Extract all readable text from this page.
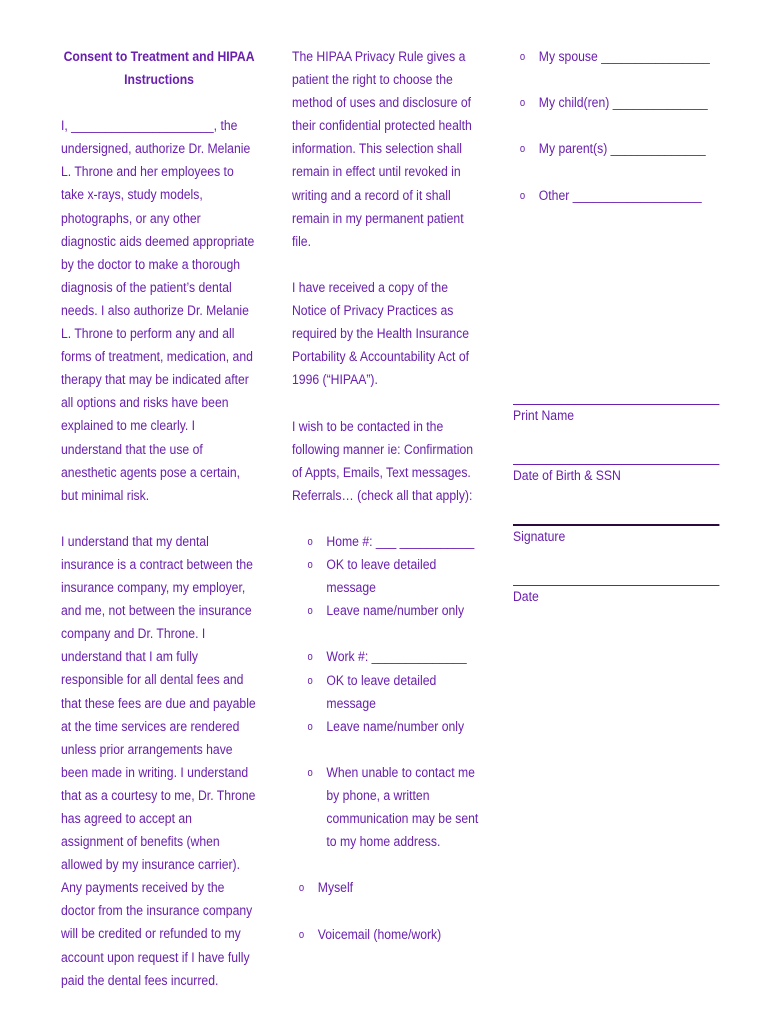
Consent to Treatment and HIPAA Instructions

I, _____________________, the undersigned, authorize Dr. Melanie L. Throne and her employees to take x-rays, study models, photographs, or any other diagnostic aids deemed appropriate by the doctor to make a thorough diagnosis of the patient’s dental needs. I also authorize Dr. Melanie L. Throne to perform any and all forms of treatment, medication, and therapy that may be indicated after all options and risks have been explained to me clearly. I understand that the use of anesthetic agents pose a certain, but minimal risk.

I understand that my dental insurance is a contract between the insurance company, my employer, and me, not between the insurance company and Dr. Throne. I understand that I am fully responsible for all dental fees and that these fees are due and payable at the time services are rendered unless prior arrangements have been made in writing. I understand that as a courtesy to me, Dr. Throne has agreed to accept an assignment of benefits (when allowed by my insurance carrier). Any payments received by the doctor from the insurance company will be credited or refunded to my account upon request if I have fully paid the dental fees incurred.

The HIPAA Privacy Rule gives a patient the right to choose the method of uses and disclosure of their confidential protected health information. This selection shall remain in effect until revoked in writing and a record of it shall remain in my permanent patient file.

I have received a copy of the Notice of Privacy Practices as required by the Health Insurance Portability & Accountability Act of 1996 (“HIPAA”).

I wish to be contacted in the following manner ie: Confirmation of Appts, Emails, Text messages. Referrals… (check all that apply):

o Home #: ___ ___________
o OK to leave detailed message
o Leave name/number only
o Work #: ______________
o OK to leave detailed message
o Leave name/number only
o When unable to contact me by phone, a written communication may be sent to my home address.
o Myself
o Voicemail (home/work)
o My spouse ________________
o My child(ren) ______________
o My parent(s) ______________
o Other ___________________

Print Name

Date of Birth & SSN

Signature

Date
